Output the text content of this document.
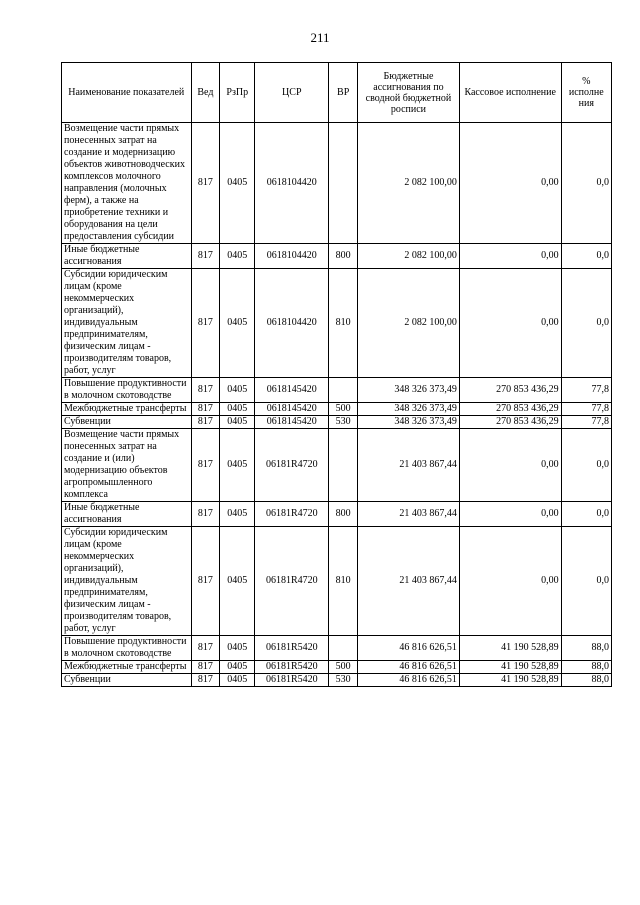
211
Наименование показателей	Вед	РзПр	ЦСР	ВР	Бюджетные ассигнования по сводной бюджетной росписи	Кассовое исполнение	% исполне ния
Возмещение части прямых понесенных затрат на создание и модернизацию объектов животноводческих комплексов молочного направления (молочных ферм), а также на приобретение техники и оборудования на цели предоставления субсидии	817	0405	0618104420		2 082 100,00	0,00	0,0
Иные бюджетные ассигнования	817	0405	0618104420	800	2 082 100,00	0,00	0,0
Субсидии юридическим лицам (кроме некоммерческих организаций), индивидуальным предпринимателям, физическим лицам - производителям товаров, работ, услуг	817	0405	0618104420	810	2 082 100,00	0,00	0,0
Повышение продуктивности в молочном скотоводстве	817	0405	0618145420		348 326 373,49	270 853 436,29	77,8
Межбюджетные трансферты	817	0405	0618145420	500	348 326 373,49	270 853 436,29	77,8
Субвенции	817	0405	0618145420	530	348 326 373,49	270 853 436,29	77,8
Возмещение части прямых понесенных затрат на создание и (или) модернизацию объектов агропромышленного комплекса	817	0405	06181R4720		21 403 867,44	0,00	0,0
Иные бюджетные ассигнования	817	0405	06181R4720	800	21 403 867,44	0,00	0,0
Субсидии юридическим лицам (кроме некоммерческих организаций), индивидуальным предпринимателям, физическим лицам - производителям товаров, работ, услуг	817	0405	06181R4720	810	21 403 867,44	0,00	0,0
Повышение продуктивности в молочном скотоводстве	817	0405	06181R5420		46 816 626,51	41 190 528,89	88,0
Межбюджетные трансферты	817	0405	06181R5420	500	46 816 626,51	41 190 528,89	88,0
Субвенции	817	0405	06181R5420	530	46 816 626,51	41 190 528,89	88,0
